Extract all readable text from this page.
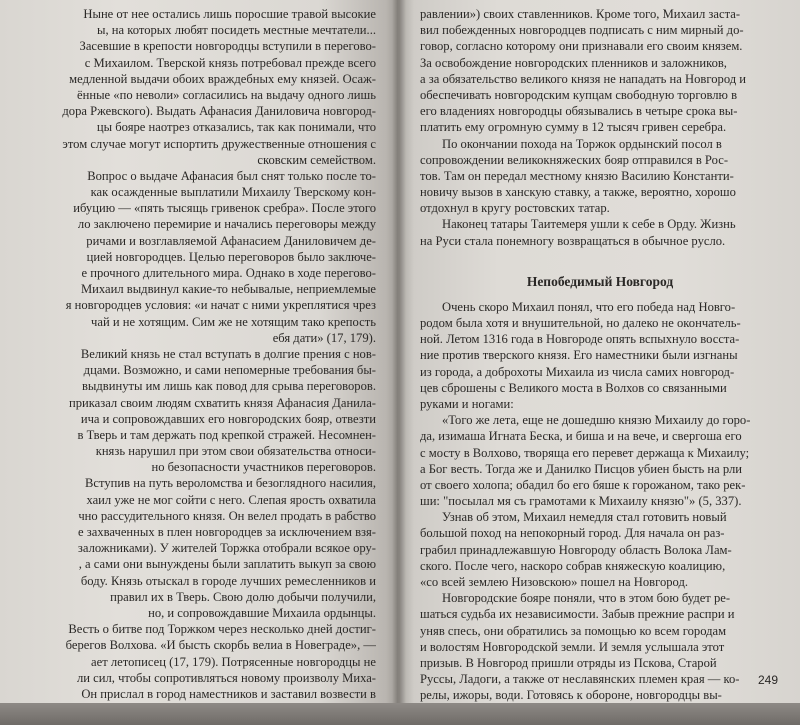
Ныне от нее остались лишь поросшие травой высокие
ы, на которых любят посидеть местные мечтатели...
Засевшие в крепости новгородцы вступили в перегово-
с Михаилом. Тверской князь потребовал прежде всего
медленной выдачи обоих враждебных ему князей. Осаж-
ённые «по неволи» согласились на выдачу одного лишь
дора Ржевского). Выдать Афанасия Даниловича новгород-
цы бояре наотрез отказались, так как понимали, что
этом случае могут испортить дружественные отношения с
сковским семейством.
Вопрос о выдаче Афанасия был снят только после то-
как осажденные выплатили Михаилу Тверскому кон-
ибуцию — «пять тысящь гривенок сребра». После этого
ло заключено перемирие и начались переговоры между
ричами и возглавляемой Афанасием Даниловичем де-
цией новгородцев. Целью переговоров было заключе-
е прочного длительного мира. Однако в ходе перегово-
Михаил выдвинул какие-то небывалые, неприемлемые
я новгородцев условия: «и начат с ними укреплятися чрез
чай и не хотящим. Сим же не хотящим тако крепость
ебя дати» (17, 179).
Великий князь не стал вступать в долгие прения с нов-
дцами. Возможно, и сами непомерные требования бы-
выдвинуты им лишь как повод для срыва переговоров.
приказал своим людям схватить князя Афанасия Данила-
ича и сопровождавших его новгородских бояр, отвезти
в Тверь и там держать под крепкой стражей. Несомнен-
князь нарушил при этом свои обязательства относи-
но безопасности участников переговоров.
Вступив на путь вероломства и безоглядного насилия,
хаил уже не мог сойти с него. Слепая ярость охватила
чно рассудительного князя. Он велел продать в рабство
е захваченных в плен новгородцев за исключением взя-
заложниками). У жителей Торжка отобрали всякое ору-
, а сами они вынуждены были заплатить выкуп за свою
боду. Князь отыскал в городе лучших ремесленников и
правил их в Тверь. Свою долю добычи получили,
но, и сопровождавшие Михаила ордынцы.
Весть о битве под Торжком через несколько дней достиг-
берегов Волхова. «И бысть скорбь велиа в Новеграде», —
ает летописец (17, 179). Потрясенные новгородцы не
ли сил, чтобы сопротивляться новому произволу Миха-
Он прислал в город наместников и заставил возвести в
равлении») своих ставленников. Кроме того, Михаил заста-
вил побежденных новгородцев подписать с ним мирный до-
говор, согласно которому они признавали его своим князем.
За освобождение новгородских пленников и заложников,
а за обязательство великого князя не нападать на Новгород и
обеспечивать новгородским купцам свободную торговлю в
его владениях новгородцы обязывались в четыре срока вы-
платить ему огромную сумму в 12 тысяч гривен серебра.
По окончании похода на Торжок ордынский посол в
сопровождении великокняжеских бояр отправился в Рос-
тов. Там он передал местному князю Василию Константи-
новичу вызов в ханскую ставку, а также, вероятно, хорошо
отдохнул в кругу ростовских татар.
Наконец татары Таитемеря ушли к себе в Орду. Жизнь
на Руси стала понемногу возвращаться в обычное русло.
Непобедимый Новгород
Очень скоро Михаил понял, что его победа над Новго-
родом была хотя и внушительной, но далеко не окончатель-
ной. Летом 1316 года в Новгороде опять вспыхнуло восста-
ние против тверского князя. Его наместники были изгнаны
из города, а доброхоты Михаила из числа самих новгород-
цев сброшены с Великого моста в Волхов со связанными
руками и ногами:
«Того же лета, еще не дошедшю князю Михаилу до горо-
да, изимаша Игната Беска, и биша и на вече, и свергоша его
с мосту в Волхово, творяща его перевет держаща к Михаилу;
а Бог весть. Тогда же и Данилко Писцов убиен бысть на рли
от своего холопа; обадил бо его бяше к горожаном, тако рек-
ши: "посылал мя съ грамотами к Михаилу князю"» (5, 337).
Узнав об этом, Михаил немедля стал готовить новый
большой поход на непокорный город. Для начала он раз-
грабил принадлежавшую Новгороду область Волока Лам-
ского. После чего, наскоро собрав княжескую коалицию,
«со всей землею Низовскою» пошел на Новгород.
Новгородские бояре поняли, что в этом бою будет ре-
шаться судьба их независимости. Забыв прежние распри и
уняв спесь, они обратились за помощью ко всем городам
и волостям Новгородской земли. И земля услышала этот
призыв. В Новгород пришли отряды из Пскова, Старой
Руссы, Ладоги, а также от неславянских племен края — ко-
релы, ижоры, води. Готовясь к обороне, новгородцы вы-
249
